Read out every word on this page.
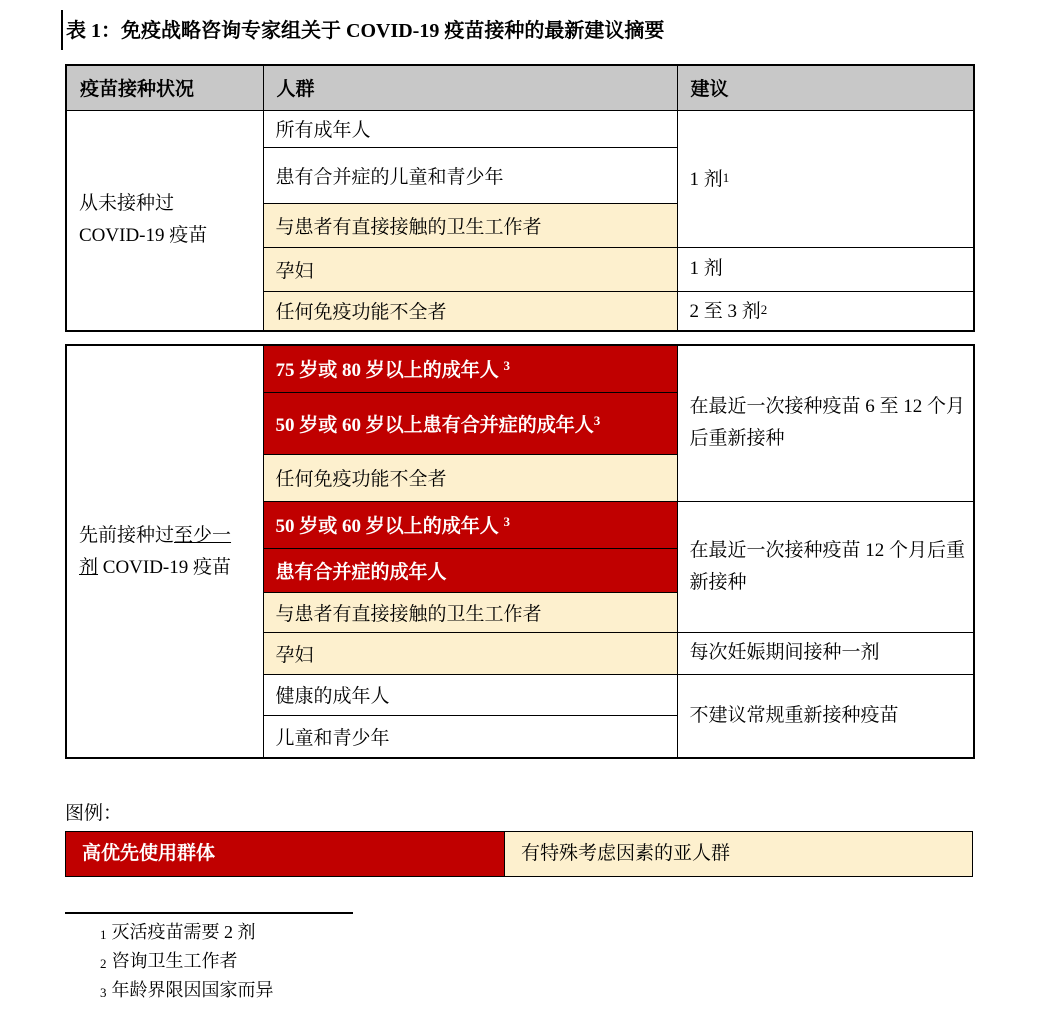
表 1：免疫战略咨询专家组关于 COVID-19 疫苗接种的最新建议摘要
疫苗接种状况	人群	建议
从未接种过
COVID-19 疫苗	所有成年人	1 剂$^1$
	患有合并症的儿童和青少年	
	与患者有直接接触的卫生工作者	
	孕妇	1 剂
	任何免疫功能不全者	2 至 3 剂$^2$
先前接种过至少一
剂 COVID-19 疫苗	75 岁或 80 岁以上的成年人 $^3$	在最近一次接种疫苗 6 至 12 个月后重新接种
	50 岁或 60 岁以上患有合并症的成年人$^3$
	任何免疫功能不全者	
	50 岁或 60 岁以上的成年人 $^3$	在最近一次接种疫苗 12 个月后重新接种
	患有合并症的成年人	
	与患者有直接接触的卫生工作者	
	孕妇	每次妊娠期间接种一剂
	健康的成年人	不建议常规重新接种疫苗
	儿童和青少年	
图例：
高优先使用群体	有特殊考虑因素的亚人群
1 灭活疫苗需要 2 剂
2 咨询卫生工作者
3 年龄界限因国家而异
